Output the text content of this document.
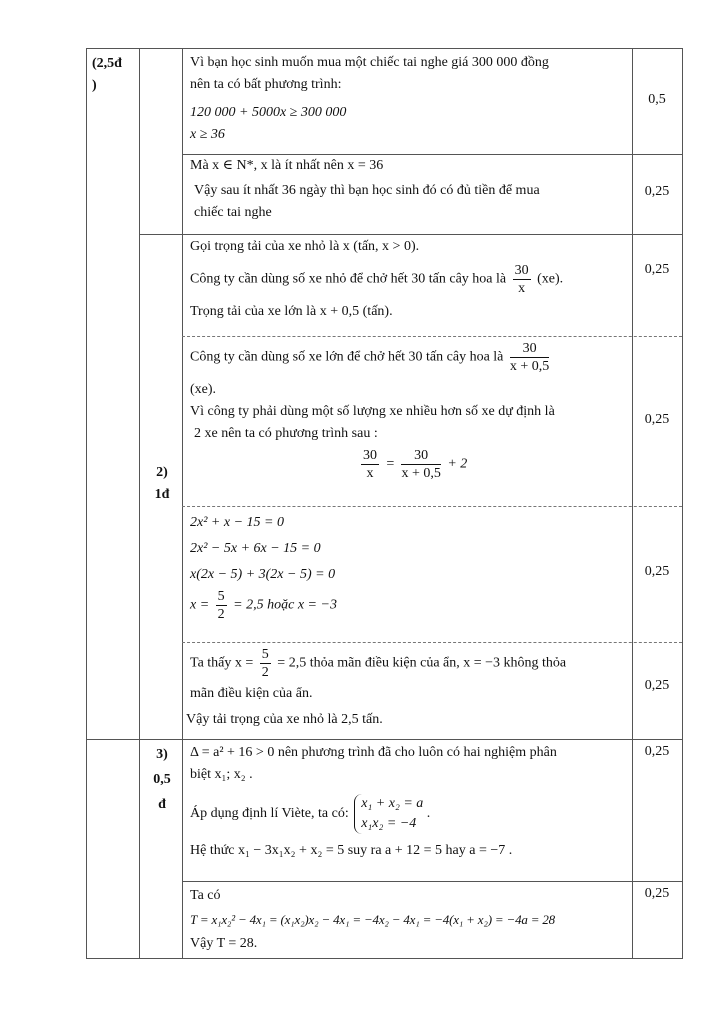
(2,5đ
)
2)
1đ
3)
0,5
đ
Vì bạn học sinh muốn mua một chiếc tai nghe giá 300 000 đồng
nên ta có bất phương trình:
120 000 + 5000x ≥ 300 000
x ≥ 36
0,5
Mà x ∈ N*, x là ít nhất nên x = 36
Vậy sau ít nhất 36 ngày thì bạn học sinh đó có đủ tiền để mua
chiếc tai nghe
0,25
Gọi trọng tải của xe nhỏ là x (tấn, x > 0).
Công ty cần dùng số xe nhỏ để chở hết 30 tấn cây hoa là $\frac{30}{x} (xe)$.
Trọng tải của xe lớn là x + 0,5 (tấn).
0,25
Công ty cần dùng số xe lớn để chở hết 30 tấn cây hoa là $\frac{30}{x + 0,5}$
(xe).
Vì công ty phải dùng một số lượng xe nhiều hơn số xe dự định là
2 xe nên ta có phương trình sau :
$\frac{30}{x} = \frac{30}{x + 0,5} + 2$
0,25
2x² + x − 15 = 0
2x² − 5x + 6x − 15 = 0
x(2x − 5) + 3(2x − 5) = 0
$x = \frac{5}{2} = 2,5$ hoặc x = −3
0,25
Ta thấy $x = \frac{5}{2} = 2,5$ thỏa mãn điều kiện của ẩn, x = −3 không thỏa
mãn điều kiện của ẩn.
Vậy tải trọng của xe nhỏ là 2,5 tấn.
0,25
Δ = a² + 16 > 0 nên phương trình đã cho luôn có hai nghiệm phân
biệt x₁; x₂ .
Áp dụng định lí Viète, ta có:
x₁ + x₂ = a
x₁x₂ = −4
.
Hệ thức x₁ − 3x₁x₂ + x₂ = 5 suy ra a + 12 = 5 hay a = −7 .
0,25
Ta có
T = x₁x₂² − 4x₁ = (x₁x₂)x₂ − 4x₁ = −4x₂ − 4x₁ = −4(x₁ + x₂) = −4a = 28
Vậy T = 28.
0,25
